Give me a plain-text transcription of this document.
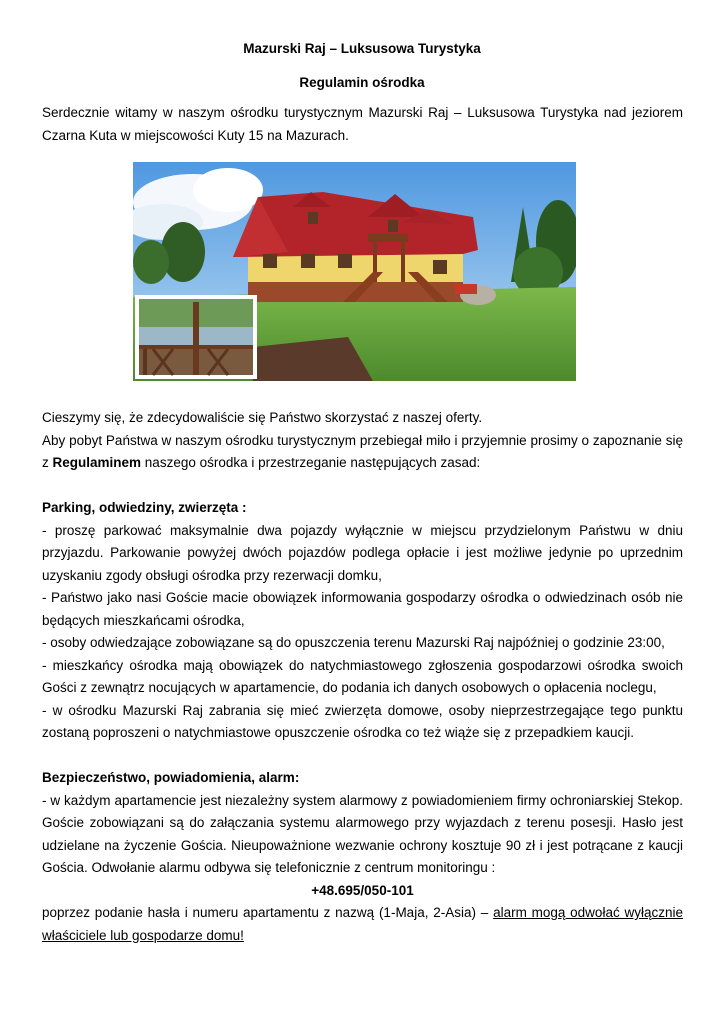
Mazurski Raj – Luksusowa Turystyka
Regulamin ośrodka

Serdecznie witamy w naszym ośrodku turystycznym Mazurski Raj – Luksusowa Turystyka nad jeziorem Czarna Kuta w miejscowości Kuty 15 na Mazurach.

Cieszymy się, że zdecydowaliście się Państwo skorzystać z naszej oferty.

Aby pobyt Państwa w naszym ośrodku turystycznym przebiegał miło i przyjemnie prosimy o zapoznanie się z Regulaminem naszego ośrodka i przestrzeganie następujących zasad:

Parking, odwiedziny, zwierzęta :

- proszę parkować maksymalnie dwa pojazdy wyłącznie w miejscu przydzielonym Państwu w dniu przyjazdu. Parkowanie powyżej dwóch pojazdów podlega opłacie i jest możliwe jedynie po uprzednim uzyskaniu zgody obsługi ośrodka przy rezerwacji domku,

- Państwo jako nasi Goście macie obowiązek informowania gospodarzy ośrodka o odwiedzinach osób nie będących mieszkańcami ośrodka,

- osoby odwiedzające zobowiązane są do opuszczenia terenu Mazurski Raj najpóźniej o godzinie 23:00,

- mieszkańcy ośrodka mają obowiązek do natychmiastowego zgłoszenia gospodarzowi ośrodka swoich Gości z zewnątrz nocujących w apartamencie, do podania ich danych osobowych o opłacenia noclegu,

- w ośrodku Mazurski Raj zabrania się mieć zwierzęta domowe, osoby nieprzestrzegające tego punktu zostaną poproszeni o natychmiastowe opuszczenie ośrodka co też wiąże się z przepadkiem kaucji.

Bezpieczeństwo, powiadomienia, alarm:

- w każdym apartamencie jest niezależny system alarmowy z powiadomieniem firmy ochroniarskiej Stekop. Goście zobowiązani są do załączania systemu alarmowego przy wyjazdach z terenu posesji. Hasło jest udzielane na życzenie Gościa. Nieupoważnione wezwanie ochrony kosztuje 90 zł i jest potrącane z kaucji Gościa. Odwołanie alarmu odbywa się telefonicznie z centrum monitoringu :

+48.695/050-101

poprzez podanie hasła i numeru apartamentu z nazwą (1-Maja, 2-Asia) – alarm mogą odwołać wyłącznie właściciele lub gospodarze domu!
